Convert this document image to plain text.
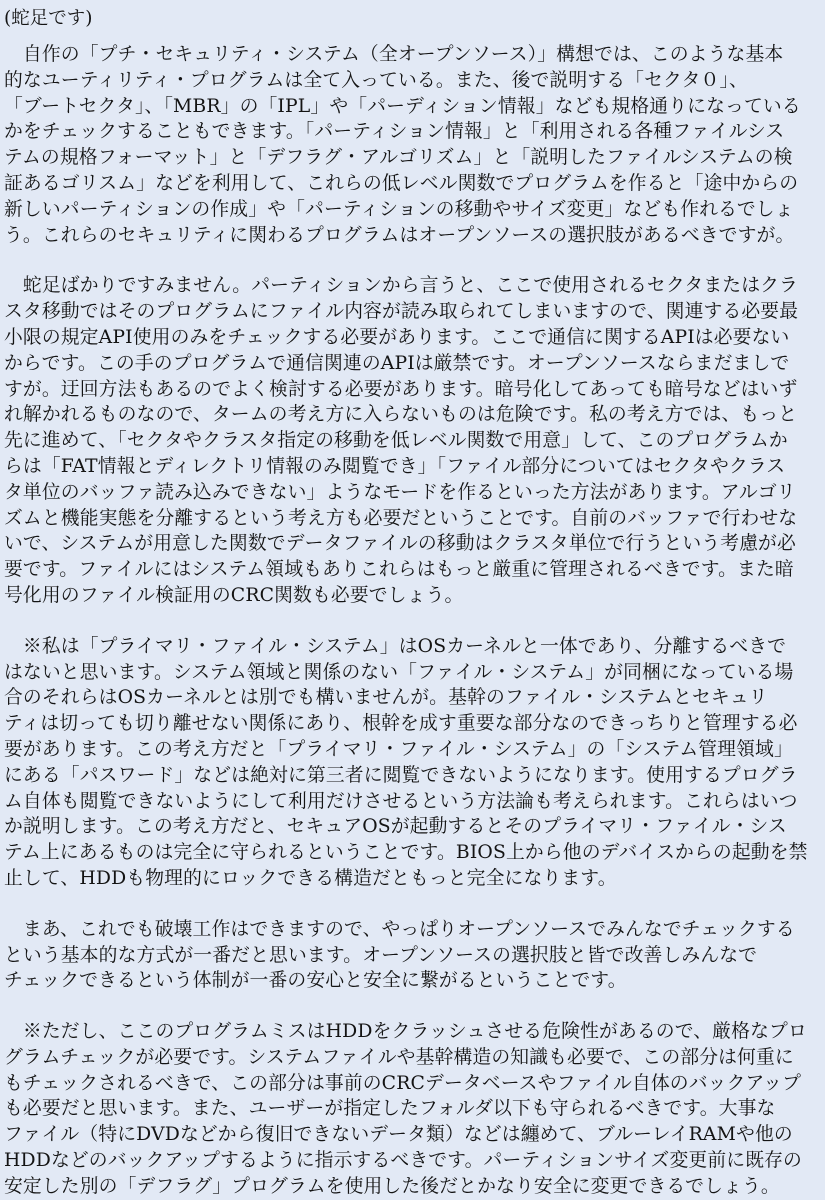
(蛇足です)
　自作の「プチ・セキュリティ・システム（全オープンソース）」構想では、このような基本
的なユーティリティ・プログラムは全て入っている。また、後で説明する「セクタ０」、
「ブートセクタ」、「MBR」の「IPL」や「パーディション情報」なども規格通りになっている
かをチェックすることもできます。「パーティション情報」と「利用される各種ファイルシス
テムの規格フォーマット」と「デフラグ・アルゴリズム」と「説明したファイルシステムの検
証あるゴリスム」などを利用して、これらの低レベル関数でプログラムを作ると「途中からの
新しいパーティションの作成」や「パーティションの移動やサイズ変更」なども作れるでしょ
う。これらのセキュリティに関わるプログラムはオープンソースの選択肢があるべきですが。
　蛇足ばかりですみません。パーティションから言うと、ここで使用されるセクタまたはクラ
スタ移動ではそのプログラムにファイル内容が読み取られてしまいますので、関連する必要最
小限の規定API使用のみをチェックする必要があります。ここで通信に関するAPIは必要ない
からです。この手のプログラムで通信関連のAPIは厳禁です。オープンソースならまだましで
すが。迂回方法もあるのでよく検討する必要があります。暗号化してあっても暗号などはいず
れ解かれるものなので、タームの考え方に入らないものは危険です。私の考え方では、もっと
先に進めて、「セクタやクラスタ指定の移動を低レベル関数で用意」して、このプログラムか
らは「FAT情報とディレクトリ情報のみ閲覧でき」「ファイル部分についてはセクタやクラス
タ単位のバッファ読み込みできない」ようなモードを作るといった方法があります。アルゴリ
ズムと機能実態を分離するという考え方も必要だということです。自前のバッファで行わせな
いで、システムが用意した関数でデータファイルの移動はクラスタ単位で行うという考慮が必
要です。ファイルにはシステム領域もありこれらはもっと厳重に管理されるべきです。また暗
号化用のファイル検証用のCRC関数も必要でしょう。
　※私は「プライマリ・ファイル・システム」はOSカーネルと一体であり、分離するべきで
はないと思います。システム領域と関係のない「ファイル・システム」が同梱になっている場
合のそれらはOSカーネルとは別でも構いませんが。基幹のファイル・システムとセキュリ
ティは切っても切り離せない関係にあり、根幹を成す重要な部分なのできっちりと管理する必
要があります。この考え方だと「プライマリ・ファイル・システム」の「システム管理領域」
にある「パスワード」などは絶対に第三者に閲覧できないようになります。使用するプログラ
ム自体も閲覧できないようにして利用だけさせるという方法論も考えられます。これらはいつ
か説明します。この考え方だと、セキュアOSが起動するとそのプライマリ・ファイル・シス
テム上にあるものは完全に守られるということです。BIOS上から他のデバイスからの起動を禁
止して、HDDも物理的にロックできる構造だともっと完全になります。
　まあ、これでも破壊工作はできますので、やっぱりオープンソースでみんなでチェックする
という基本的な方式が一番だと思います。オープンソースの選択肢と皆で改善しみんなで
チェックできるという体制が一番の安心と安全に繋がるということです。
　※ただし、ここのプログラムミスはHDDをクラッシュさせる危険性があるので、厳格なプロ
グラムチェックが必要です。システムファイルや基幹構造の知識も必要で、この部分は何重に
もチェックされるべきで、この部分は事前のCRCデータベースやファイル自体のバックアップ
も必要だと思います。また、ユーザーが指定したフォルダ以下も守られるべきです。大事な
ファイル（特にDVDなどから復旧できないデータ類）などは纏めて、ブルーレイRAMや他の
HDDなどのバックアップするように指示するべきです。パーティションサイズ変更前に既存の
安定した別の「デフラグ」プログラムを使用した後だとかなり安全に変更できるでしょう。
